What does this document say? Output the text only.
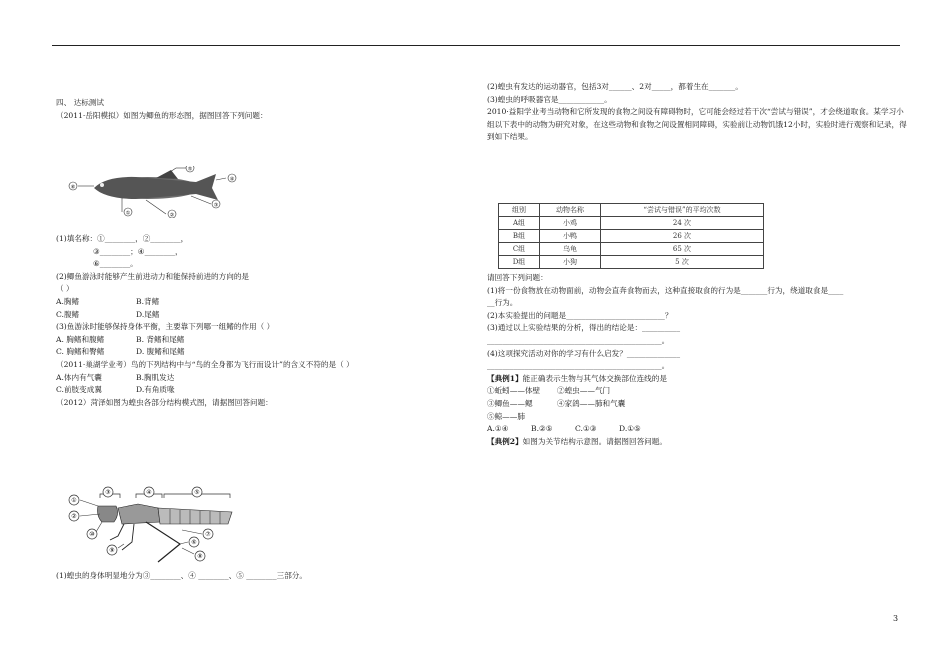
四、 达标测试
（2011·岳阳模拟）如图为鲫鱼的形态图，据图回答下列问题：
⑤
④
⑥
①	②
③
(1)填名称：①________，②________，
③________；④________，
⑥________。
(2)鲫鱼游泳时能够产生前进动力和能保持前进的方向的是
（ ）
A.胸鳍	B.背鳍
C.腹鳍	D.尾鳍
(3)鱼游泳时能够保持身体平衡，主要靠下列哪一组鳍的作用（ ）
A. 胸鳍和腹鳍	B. 背鳍和尾鳍
C. 胸鳍和臀鳍	D. 腹鳍和尾鳍
（2011·巢湖学业考）鸟的下列结构中与“鸟的全身都为飞行而设计”的含义不符的是（ ）
A.体内有气囊	B.胸肌发达
C.前肢变成翼	D.有角质喙
（2012）菏泽如图为蝗虫各部分结构模式图，请据图回答问题：
③	④	⑤
①
②
⑩
⑨
⑥
⑦
⑧
(1)蝗虫的身体明显地分为③________、④ ________、⑤ ________三部分。
(2)蝗虫有发达的运动器官，包括3对______、2对_____，都着生在_______。
(3)蝗虫的呼吸器官是____________。
2010·益阳学业考当动物和它所发现的食物之间设有障碍物时，它可能会经过若干次“尝试与错误”，才会绕道取食。某学习小组以下表中的动物为研究对象，在这些动物和食物之间设置相同障碍，实验前让动物饥饿12小时，实验时进行观察和记录，得到如下结果。
组别	动物名称	“尝试与错误”的平均次数
A组	小鸡	24 次
B组	小鸭	26 次
C组	乌龟	65 次
D组	小狗	5 次
请回答下列问题：
(1)将一份食物放在动物面前，动物会直奔食物而去，这种直接取食的行为是_______行为，绕道取食是____
__行为。
(2)本实验提出的问题是__________________________？
(3)通过以上实验结果的分析，得出的结论是：__________
______________________________________________。
(4)这项探究活动对你的学习有什么启发？______________
______________________________________________。
【典例1】能正确表示生物与其气体交换部位连线的是
①蚯蚓——体壁 ②蝗虫——气门
③鲫鱼——鳃	④家鸽——肺和气囊
⑤鲸——肺
A.①④	B.②⑤	C.①③	D.①⑤
【典例2】如图为关节结构示意图。请据图回答问题。
3
